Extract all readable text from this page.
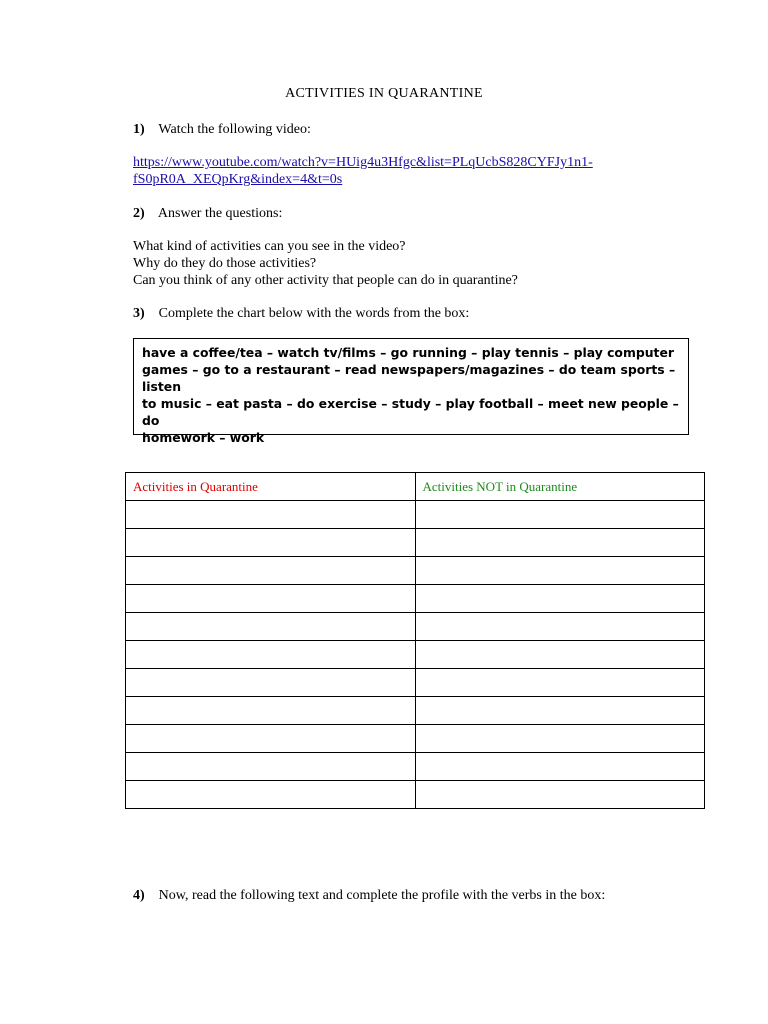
ACTIVITIES IN QUARANTINE
1) Watch the following video:
https://www.youtube.com/watch?v=HUig4u3Hfgc&list=PLqUcbS828CYFJy1n1-
fS0pR0A_XEQpKrg&index=4&t=0s
2) Answer the questions:
What kind of activities can you see in the video?
Why do they do those activities?
Can you think of any other activity that people can do in quarantine?
3) Complete the chart below with the words from the box:
have a coffee/tea – watch tv/films – go running – play tennis – play computer
games – go to a restaurant – read newspapers/magazines – do team sports – listen
to music – eat pasta – do exercise – study – play football – meet new people – do
homework – work
Activities in Quarantine	Activities NOT in Quarantine

4) Now, read the following text and complete the profile with the verbs in the box:
